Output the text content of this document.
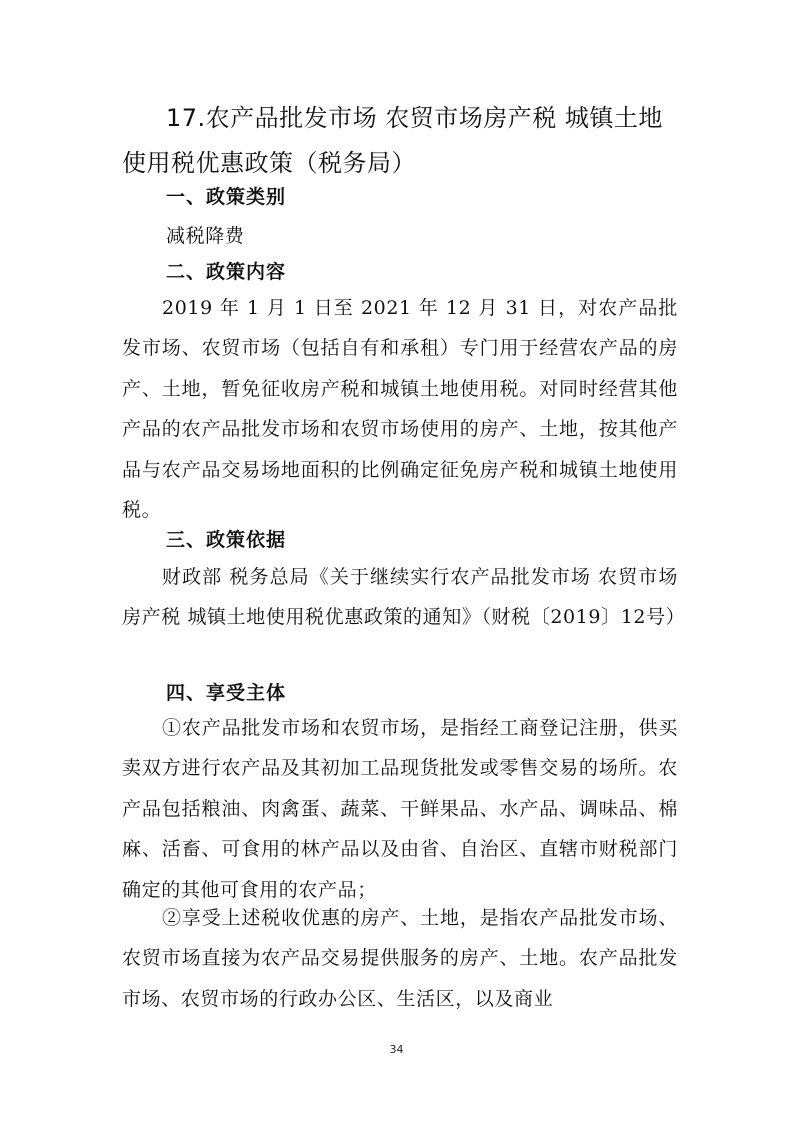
17.农产品批发市场 农贸市场房产税 城镇土地使用税优惠政策（税务局）
一、政策类别

减税降费

二、政策内容

2019 年 1 月 1 日至 2021 年 12 月 31 日，对农产品批发市场、农贸市场（包括自有和承租）专门用于经营农产品的房产、土地，暂免征收房产税和城镇土地使用税。对同时经营其他产品的农产品批发市场和农贸市场使用的房产、土地，按其他产品与农产品交易场地面积的比例确定征免房产税和城镇土地使用税。

三、政策依据

财政部 税务总局《关于继续实行农产品批发市场 农贸市场房产税 城镇土地使用税优惠政策的通知》（财税〔2019〕12号）

四、享受主体

①农产品批发市场和农贸市场，是指经工商登记注册，供买卖双方进行农产品及其初加工品现货批发或零售交易的场所。农产品包括粮油、肉禽蛋、蔬菜、干鲜果品、水产品、调味品、棉麻、活畜、可食用的林产品以及由省、自治区、直辖市财税部门确定的其他可食用的农产品；

②享受上述税收优惠的房产、土地，是指农产品批发市场、农贸市场直接为农产品交易提供服务的房产、土地。农产品批发市场、农贸市场的行政办公区、生活区，以及商业

34
